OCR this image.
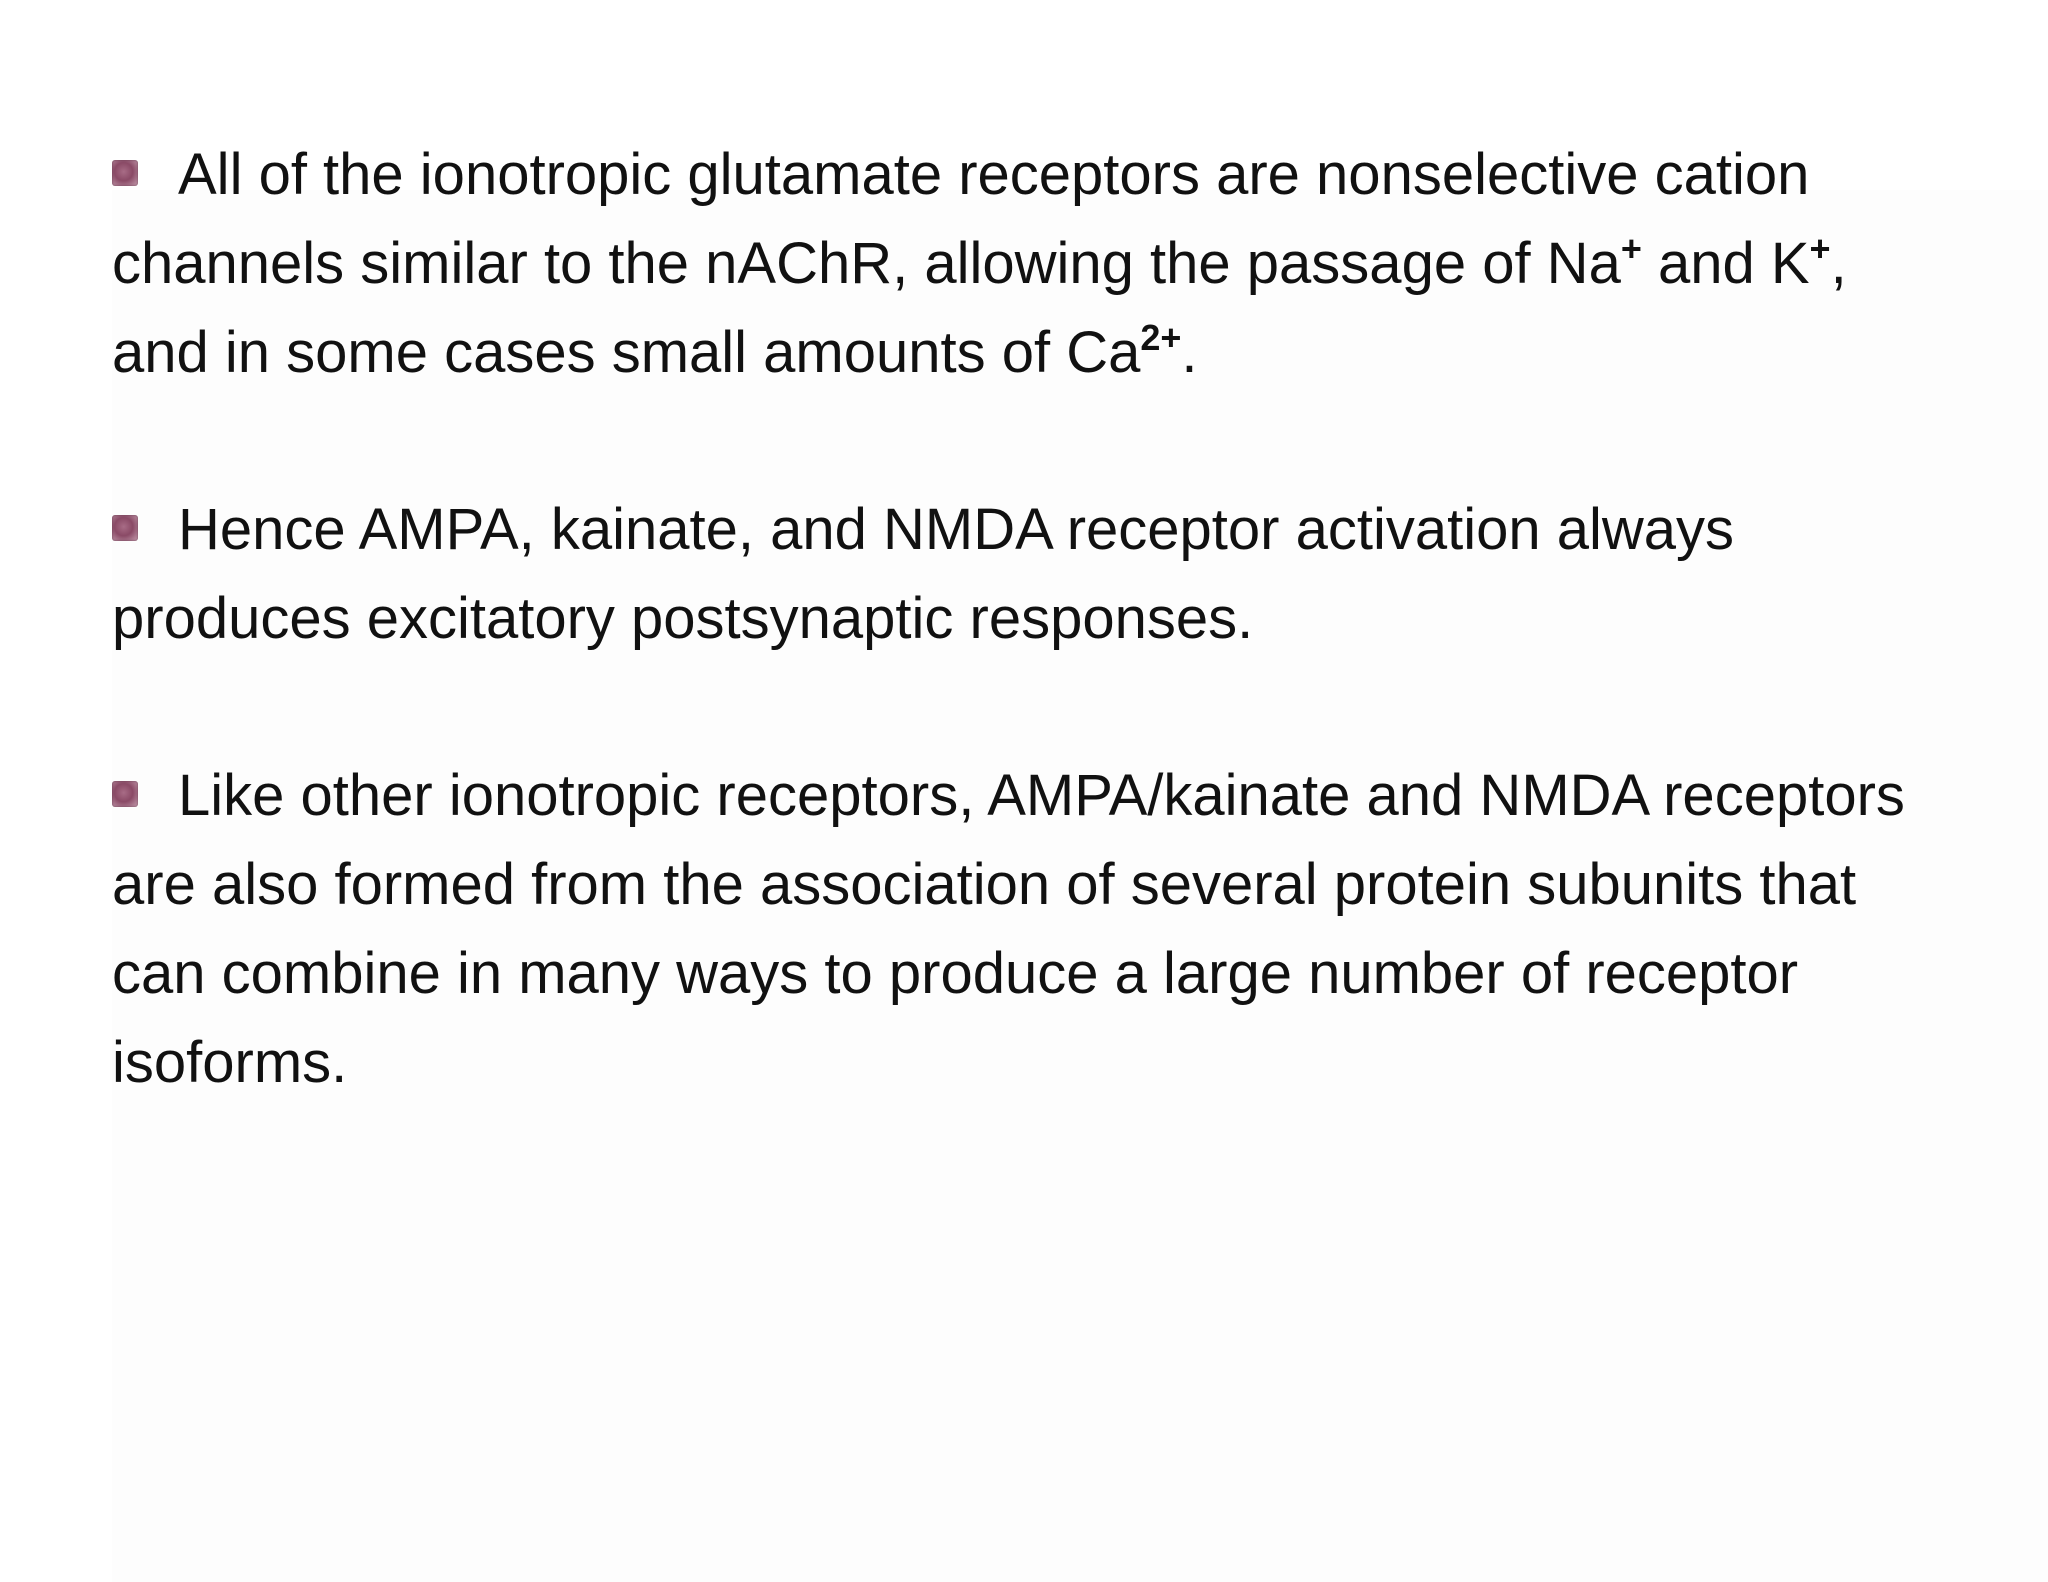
All of the ionotropic glutamate receptors are nonselective cation channels similar to the nAChR, allowing the passage of Na+ and K+, and in some cases small amounts of $Ca^{2+}$.

Hence AMPA, kainate, and NMDA receptor activation always produces excitatory postsynaptic responses.

Like other ionotropic receptors, AMPA/kainate and NMDA receptors are also formed from the association of several protein subunits that can combine in many ways to produce a large number of receptor isoforms.
